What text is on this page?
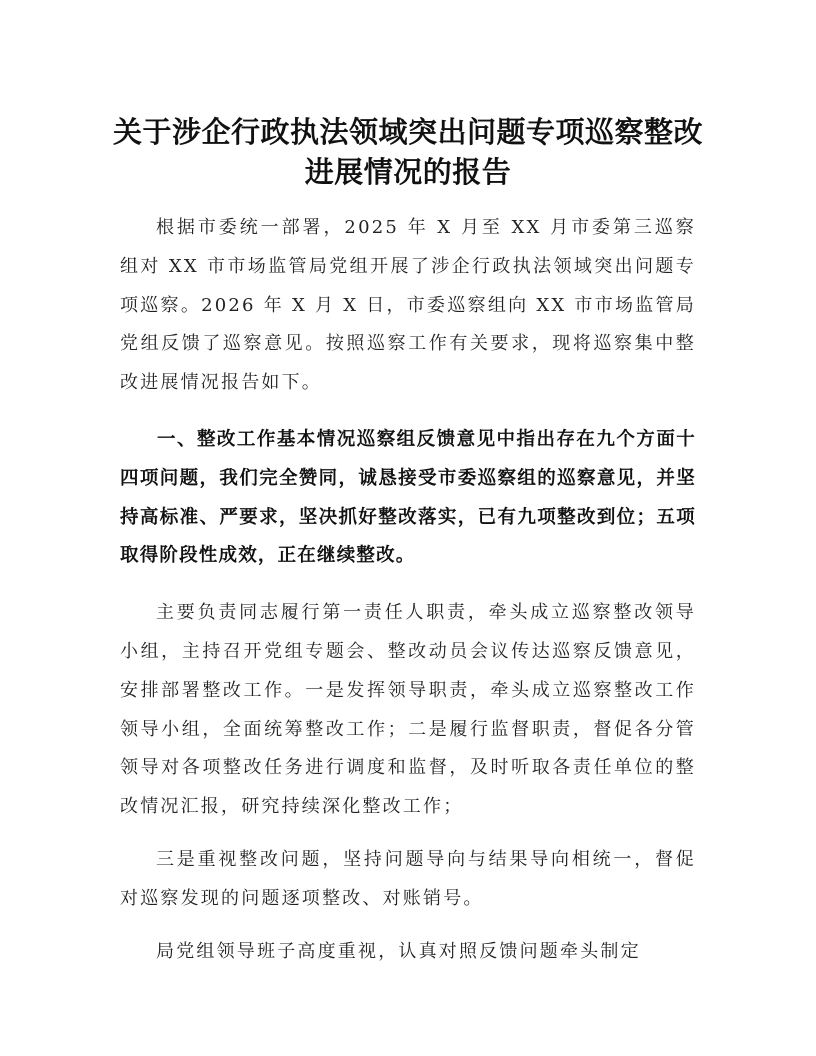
关于涉企行政执法领域突出问题专项巡察整改进展情况的报告

根据市委统一部署，2025 年 X 月至 XX 月市委第三巡察组对 XX 市市场监管局党组开展了涉企行政执法领域突出问题专项巡察。2026 年 X 月 X 日，市委巡察组向 XX 市市场监管局党组反馈了巡察意见。按照巡察工作有关要求，现将巡察集中整改进展情况报告如下。

一、整改工作基本情况巡察组反馈意见中指出存在九个方面十四项问题，我们完全赞同，诚恳接受市委巡察组的巡察意见，并坚持高标准、严要求，坚决抓好整改落实，已有九项整改到位；五项取得阶段性成效，正在继续整改。

主要负责同志履行第一责任人职责，牵头成立巡察整改领导小组，主持召开党组专题会、整改动员会议传达巡察反馈意见，安排部署整改工作。一是发挥领导职责，牵头成立巡察整改工作领导小组，全面统筹整改工作；二是履行监督职责，督促各分管领导对各项整改任务进行调度和监督，及时听取各责任单位的整改情况汇报，研究持续深化整改工作；

三是重视整改问题，坚持问题导向与结果导向相统一，督促对巡察发现的问题逐项整改、对账销号。

局党组领导班子高度重视，认真对照反馈问题牵头制定
